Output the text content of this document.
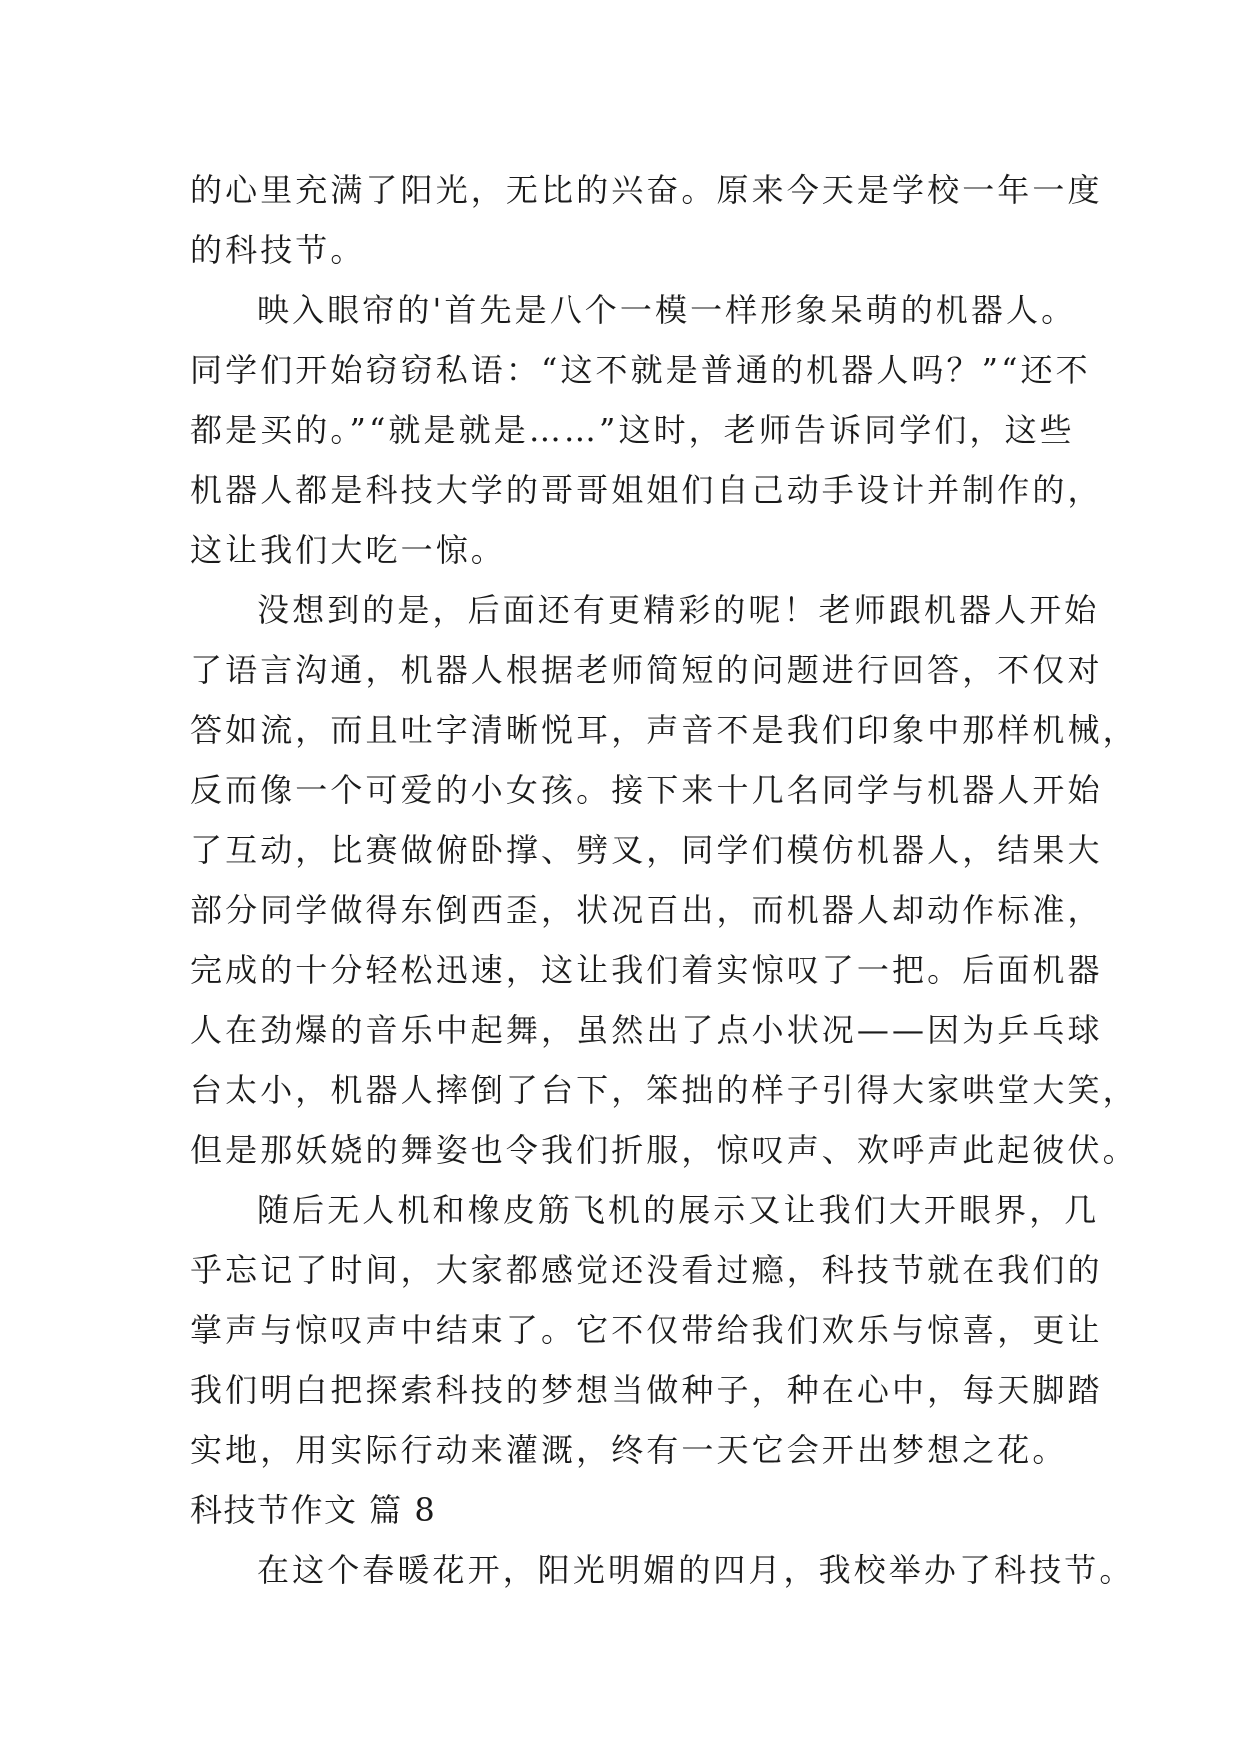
的心里充满了阳光，无比的兴奋。原来今天是学校一年一度
的科技节。
映入眼帘的'首先是八个一模一样形象呆萌的机器人。
同学们开始窃窃私语：“这不就是普通的机器人吗？”“还不
都是买的。”“就是就是……”这时，老师告诉同学们，这些
机器人都是科技大学的哥哥姐姐们自己动手设计并制作的，
这让我们大吃一惊。
没想到的是，后面还有更精彩的呢！老师跟机器人开始
了语言沟通，机器人根据老师简短的问题进行回答，不仅对
答如流，而且吐字清晰悦耳，声音不是我们印象中那样机械，
反而像一个可爱的小女孩。接下来十几名同学与机器人开始
了互动，比赛做俯卧撑、劈叉，同学们模仿机器人，结果大
部分同学做得东倒西歪，状况百出，而机器人却动作标准，
完成的十分轻松迅速，这让我们着实惊叹了一把。后面机器
人在劲爆的音乐中起舞，虽然出了点小状况——因为乒乓球
台太小，机器人摔倒了台下，笨拙的样子引得大家哄堂大笑，
但是那妖娆的舞姿也令我们折服，惊叹声、欢呼声此起彼伏。
随后无人机和橡皮筋飞机的展示又让我们大开眼界，几
乎忘记了时间，大家都感觉还没看过瘾，科技节就在我们的
掌声与惊叹声中结束了。它不仅带给我们欢乐与惊喜，更让
我们明白把探索科技的梦想当做种子，种在心中，每天脚踏
实地，用实际行动来灌溉，终有一天它会开出梦想之花。
科技节作文 篇 8
在这个春暖花开，阳光明媚的四月，我校举办了科技节。
